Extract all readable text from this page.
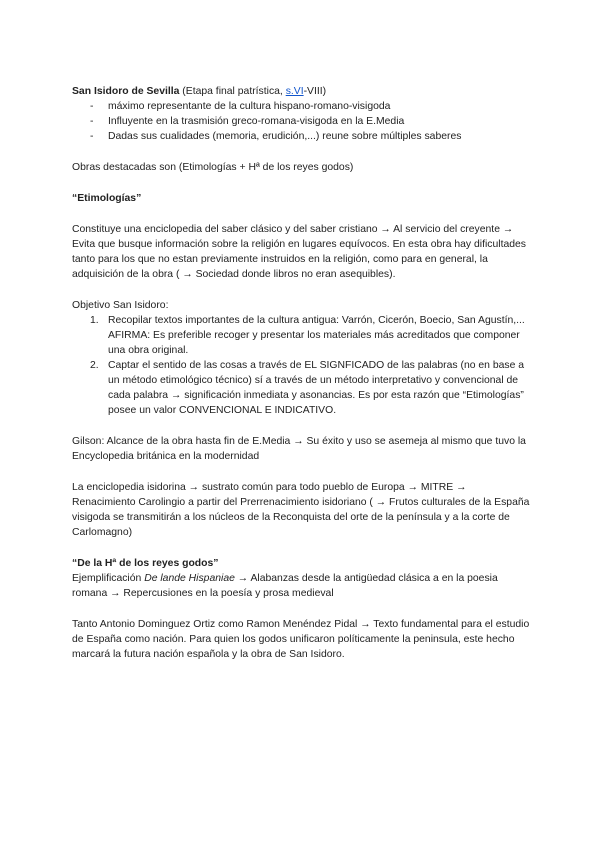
San Isidoro de Sevilla (Etapa final patrística, s.VI-VIII)

- máximo representante de la cultura hispano-romano-visigoda
- Influyente en la trasmisión greco-romana-visigoda en la E.Media
- Dadas sus cualidades (memoria, erudición,...) reune sobre múltiples saberes

Obras destacadas son (Etimologías + Hª de los reyes godos)

“Etimologías”

Constituye una enciclopedia del saber clásico y del saber cristiano → Al servicio del creyente → Evita que busque información sobre la religión en lugares equívocos. En esta obra hay dificultades tanto para los que no estan previamente instruidos en la religión, como para en general, la adquisición de la obra ( → Sociedad donde libros no eran asequibles).

Objetivo San Isidoro:

1. Recopilar textos importantes de la cultura antigua: Varrón, Cicerón, Boecio, San Agustín,... AFIRMA: Es preferible recoger y presentar los materiales más acreditados que componer una obra original.
2. Captar el sentido de las cosas a través de EL SIGNFICADO de las palabras (no en base a un método etimológico técnico) sí a través de un método interpretativo y convencional de cada palabra → significación inmediata y asonancias. Es por esta razón que “Etimologías” posee un valor CONVENCIONAL E INDICATIVO.

Gilson: Alcance de la obra hasta fin de E.Media → Su éxito y uso se asemeja al mismo que tuvo la Encyclopedia británica en la modernidad

La enciclopedia isidorina → sustrato común para todo pueblo de Europa → MITRE → Renacimiento Carolingio a partir del Prerrenacimiento isidoriano ( → Frutos culturales de la España visigoda se transmitirán a los núcleos de la Reconquista del orte de la península y a la corte de Carlomagno)

“De la Hª de los reyes godos”

Ejemplificación De lande Hispaniae → Alabanzas desde la antigüedad clásica a en la poesia romana → Repercusiones en la poesía y prosa medieval

Tanto Antonio Dominguez Ortiz como Ramon Menéndez Pidal → Texto fundamental para el estudio de España como nación. Para quien los godos unificaron políticamente la peninsula, este hecho marcará la futura nación española y la obra de San Isidoro.
